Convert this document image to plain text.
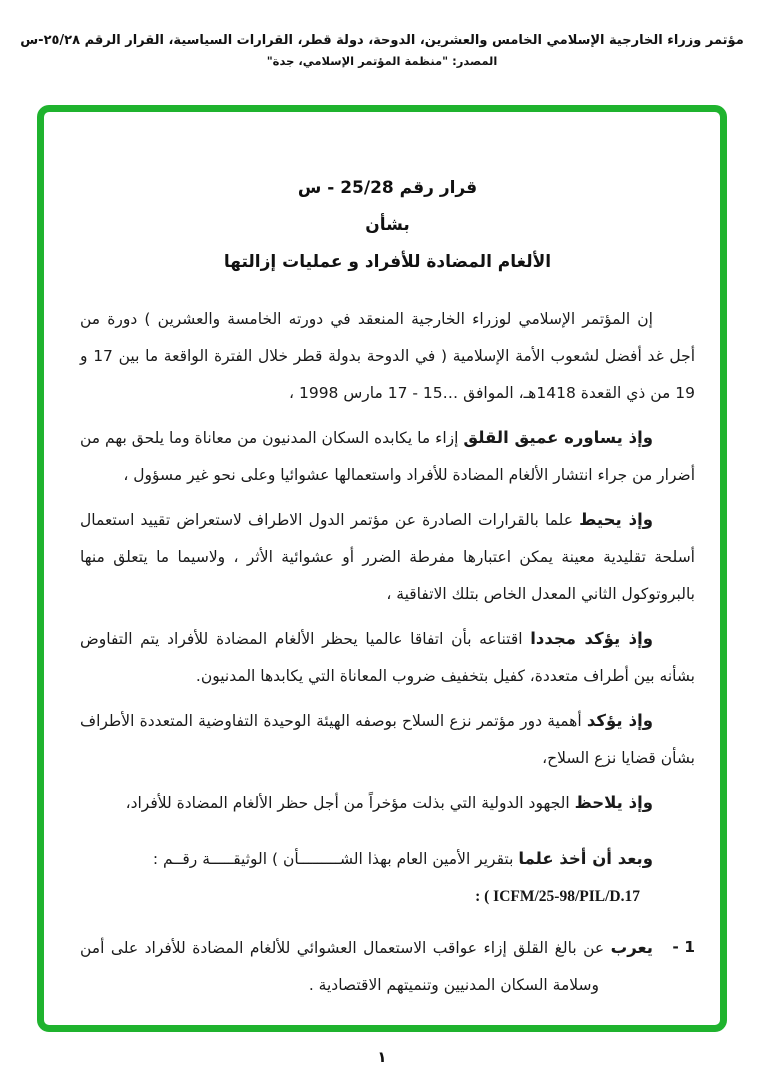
مؤتمر وزراء الخارجية الإسلامي الخامس والعشرين، الدوحة، دولة قطر، القرارات السياسية، القرار الرقم ٢٥/٢٨-س
المصدر: "منظمة المؤتمر الإسلامي، جدة"
قرار رقم 25/28 - س
بشأن
الألغام المضادة للأفراد و عمليات إزالتها

إن المؤتمر الإسلامي لوزراء الخارجية المنعقد في دورته الخامسة والعشرين ) دورة من أجل غد أفضل لشعوب الأمة الإسلامية ( في الدوحة بدولة قطر خلال الفترة الواقعة ما بين 17 و 19 من ذي القعدة 1418هـ، الموافق …15 - 17⁩ مارس 1998 ،

وإذ يساوره عميق القلق إزاء ما يكابده السكان المدنيون من معاناة وما يلحق بهم من أضرار من جراء انتشار الألغام المضادة للأفراد واستعمالها عشوائيا وعلى نحو غير مسؤول ،

وإذ يحيط علما بالقرارات الصادرة عن مؤتمر الدول الاطراف لاستعراض تقييد استعمال أسلحة تقليدية معينة يمكن اعتبارها مفرطة الضرر أو عشوائية الأثر ، ولاسيما ما يتعلق منها بالبروتوكول الثاني المعدل الخاص بتلك الاتفاقية ،

وإذ يؤكد مجددا اقتناعه بأن اتفاقا عالميا يحظر الألغام المضادة للأفراد يتم التفاوض بشأنه بين أطراف متعددة، كفيل بتخفيف ضروب المعاناة التي يكابدها المدنيون.

وإذ يؤكد أهمية دور مؤتمر نزع السلاح بوصفه الهيئة الوحيدة التفاوضية المتعددة الأطراف بشأن قضايا نزع السلاح،

وإذ يلاحظ الجهود الدولية التي بذلت مؤخراً من أجل حظر الألغام المضادة للأفراد،

وبعد أن أخذ علما بتقرير الأمين العام بهذا الشـــــــــأن ) الوثيقـــــة رقــم :

: ( ICFM/25-98/PIL/D.17
1 -
يعرب عن بالغ القلق إزاء عواقب الاستعمال العشوائي للألغام المضادة للأفراد على أمن وسلامة السكان المدنيين وتنميتهم الاقتصادية .
١
